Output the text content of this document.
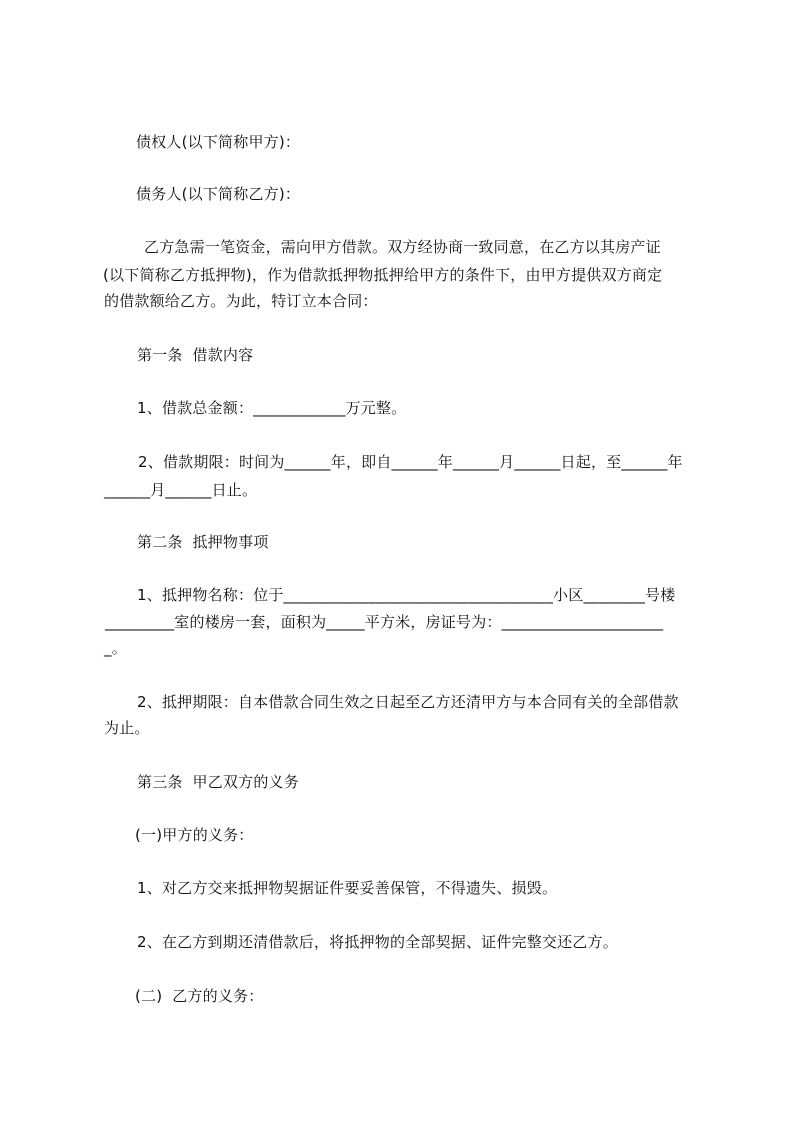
债权人(以下简称甲方)：
债务人(以下简称乙方)：
乙方急需一笔资金，需向甲方借款。双方经协商一致同意，在乙方以其房产证
(以下简称乙方抵押物)，作为借款抵押物抵押给甲方的条件下，由甲方提供双方商定
的借款额给乙方。为此，特订立本合同：
第一条  借款内容
1、借款总金额：____________万元整。
2、借款期限：时间为______年，即自______年______月______日起，至______年
______月______日止。
第二条  抵押物事项
1、抵押物名称：位于___________________________________小区________号楼
_________室的楼房一套，面积为_____平方米，房证号为：_____________________
_。
2、抵押期限：自本借款合同生效之日起至乙方还清甲方与本合同有关的全部借款
为止。
第三条  甲乙双方的义务
(一)甲方的义务：
1、对乙方交来抵押物契据证件要妥善保管，不得遗失、损毁。
2、在乙方到期还清借款后，将抵押物的全部契据、证件完整交还乙方。
(二)  乙方的义务：
